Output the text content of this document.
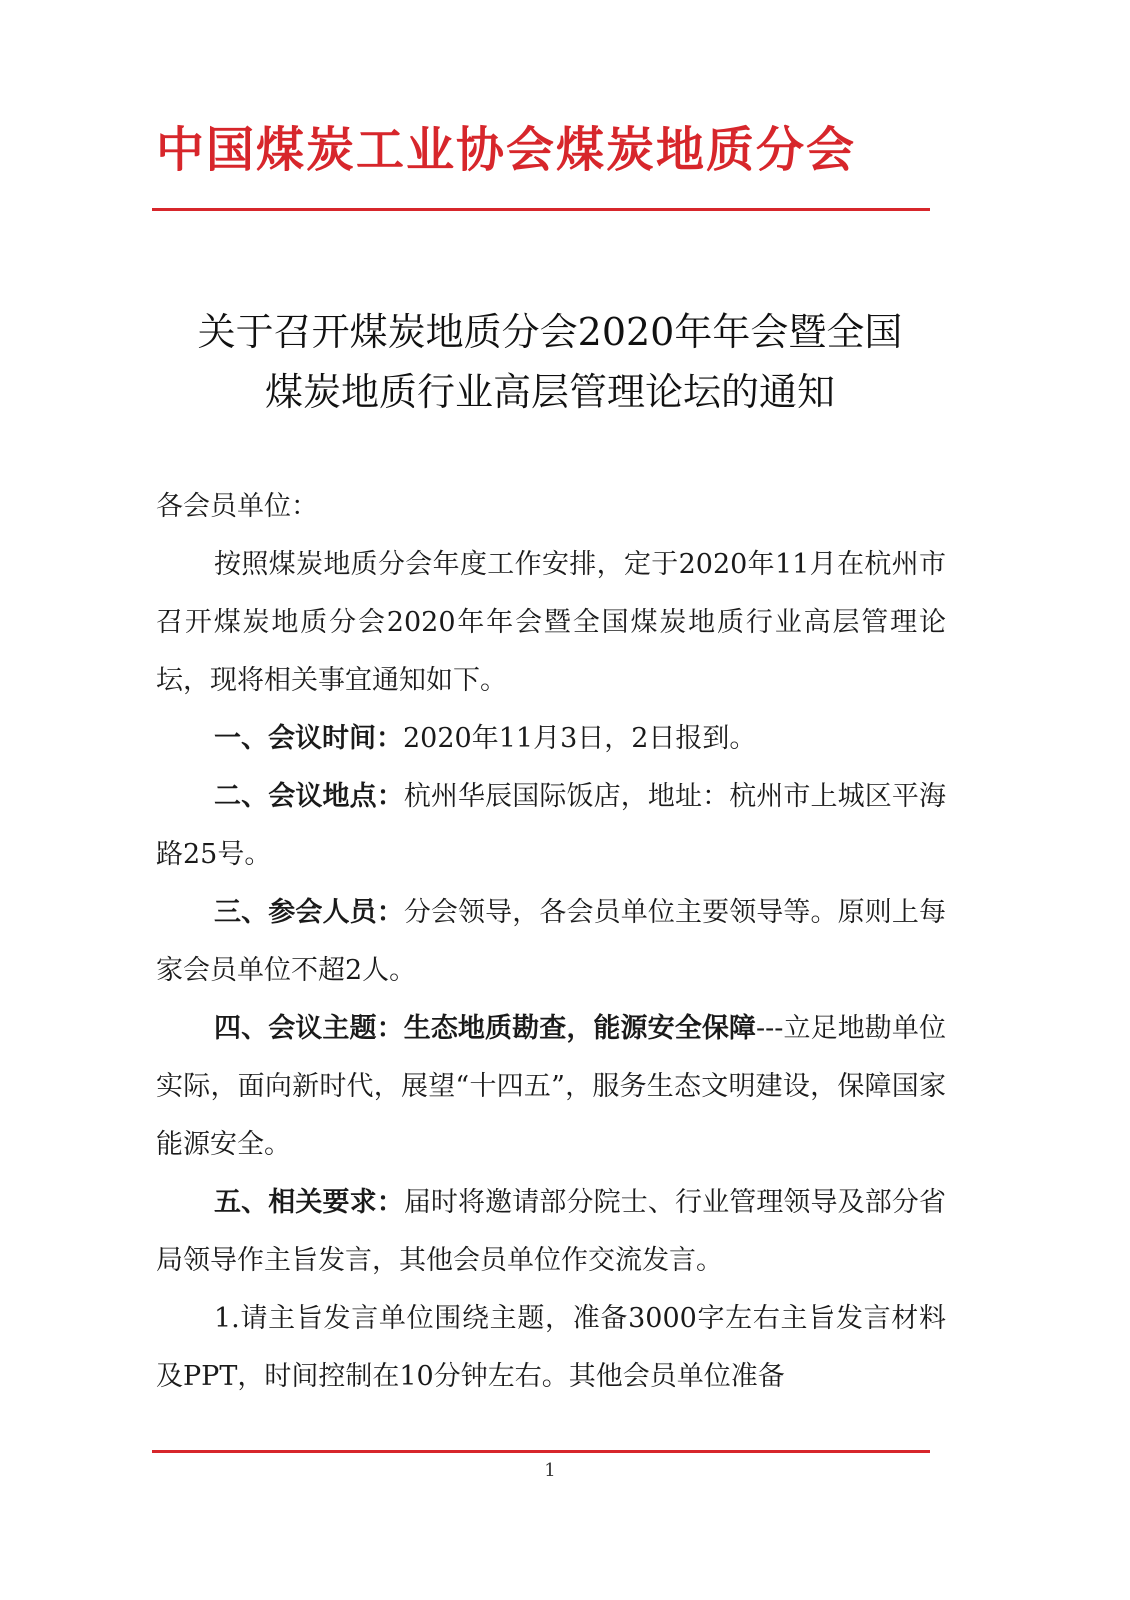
中国煤炭工业协会煤炭地质分会
关于召开煤炭地质分会2020年年会暨全国
煤炭地质行业高层管理论坛的通知

各会员单位：

按照煤炭地质分会年度工作安排，定于2020年11月在杭州市召开煤炭地质分会2020年年会暨全国煤炭地质行业高层管理论坛，现将相关事宜通知如下。

一、会议时间：2020年11月3日，2日报到。

二、会议地点：杭州华辰国际饭店，地址：杭州市上城区平海路25号。

三、参会人员：分会领导，各会员单位主要领导等。原则上每家会员单位不超2人。

四、会议主题：生态地质勘查，能源安全保障---立足地勘单位实际，面向新时代，展望“十四五”，服务生态文明建设，保障国家能源安全。

五、相关要求：届时将邀请部分院士、行业管理领导及部分省局领导作主旨发言，其他会员单位作交流发言。

1.请主旨发言单位围绕主题，准备3000字左右主旨发言材料及PPT，时间控制在10分钟左右。其他会员单位准备

1
